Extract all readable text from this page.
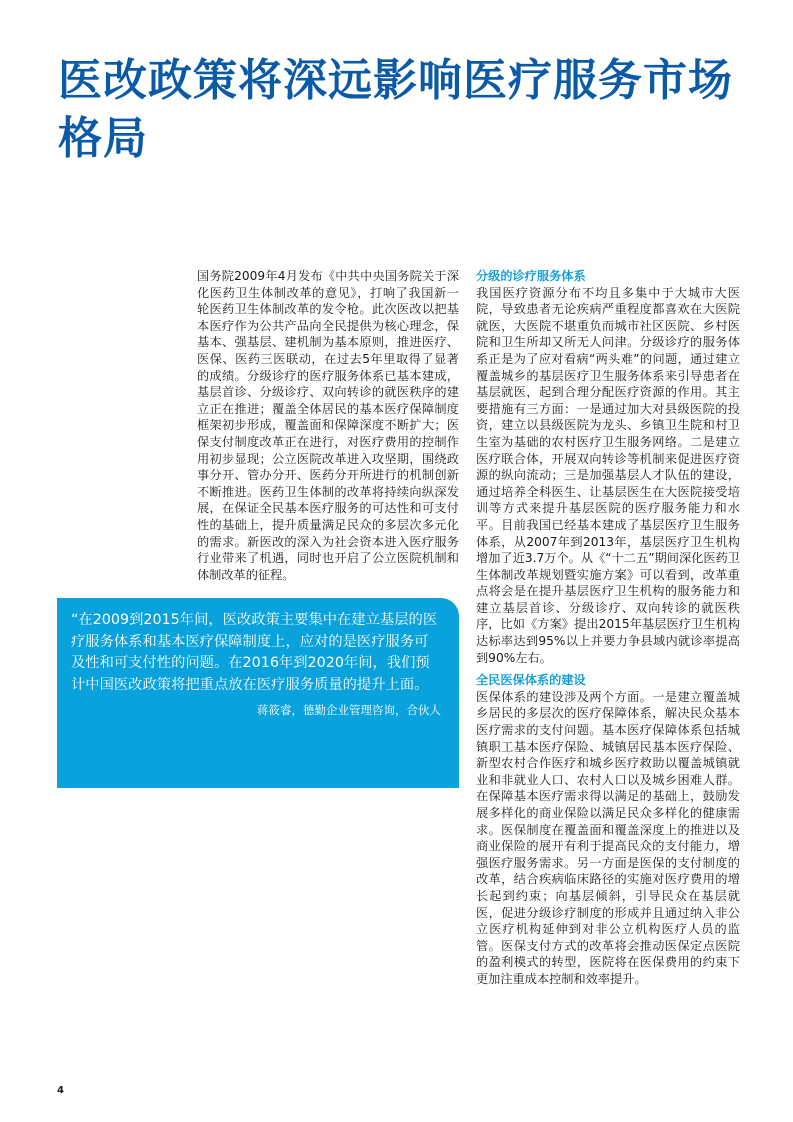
医改政策将深远影响医疗服务市场格局

国务院2009年4月发布《中共中央国务院关于深化医药卫生体制改革的意见》，打响了我国新一轮医药卫生体制改革的发令枪。此次医改以把基本医疗作为公共产品向全民提供为核心理念，保基本、强基层、建机制为基本原则，推进医疗、医保、医药三医联动，在过去5年里取得了显著的成绩。分级诊疗的医疗服务体系已基本建成，基层首诊、分级诊疗、双向转诊的就医秩序的建立正在推进；覆盖全体居民的基本医疗保障制度框架初步形成，覆盖面和保障深度不断扩大；医保支付制度改革正在进行，对医疗费用的控制作用初步显现；公立医院改革进入攻坚期，围绕政事分开、管办分开、医药分开所进行的机制创新不断推进。医药卫生体制的改革将持续向纵深发展，在保证全民基本医疗服务的可达性和可支付性的基础上，提升质量满足民众的多层次多元化的需求。新医改的深入为社会资本进入医疗服务行业带来了机遇，同时也开启了公立医院机制和体制改革的征程。

“在2009到2015年间，医改政策主要集中在建立基层的医疗服务体系和基本医疗保障制度上，应对的是医疗服务可及性和可支付性的问题。在2016年到2020年间，我们预计中国医改政策将把重点放在医疗服务质量的提升上面。

蒋筱睿，德勤企业管理咨询，合伙人
分级的诊疗服务体系

我国医疗资源分布不均且多集中于大城市大医院，导致患者无论疾病严重程度都喜欢在大医院就医，大医院不堪重负而城市社区医院、乡村医院和卫生所却又所无人问津。分级诊疗的服务体系正是为了应对看病“两头难”的问题，通过建立覆盖城乡的基层医疗卫生服务体系来引导患者在基层就医，起到合理分配医疗资源的作用。其主要措施有三方面：一是通过加大对县级医院的投资，建立以县级医院为龙头、乡镇卫生院和村卫生室为基础的农村医疗卫生服务网络。二是建立医疗联合体，开展双向转诊等机制来促进医疗资源的纵向流动；三是加强基层人才队伍的建设，通过培养全科医生、让基层医生在大医院接受培训等方式来提升基层医院的医疗服务能力和水平。目前我国已经基本建成了基层医疗卫生服务体系，从2007年到2013年，基层医疗卫生机构增加了近3.7万个。从《“十二五”期间深化医药卫生体制改革规划暨实施方案》可以看到，改革重点将会是在提升基层医疗卫生机构的服务能力和建立基层首诊、分级诊疗、双向转诊的就医秩序，比如《方案》提出2015年基层医疗卫生机构达标率达到95%以上并要力争县域内就诊率提高到90%左右。

全民医保体系的建设

医保体系的建设涉及两个方面。一是建立覆盖城乡居民的多层次的医疗保障体系，解决民众基本医疗需求的支付问题。基本医疗保障体系包括城镇职工基本医疗保险、城镇居民基本医疗保险、新型农村合作医疗和城乡医疗救助以覆盖城镇就业和非就业人口、农村人口以及城乡困难人群。在保障基本医疗需求得以满足的基础上，鼓励发展多样化的商业保险以满足民众多样化的健康需求。医保制度在覆盖面和覆盖深度上的推进以及商业保险的展开有利于提高民众的支付能力，增强医疗服务需求。另一方面是医保的支付制度的改革，结合疾病临床路径的实施对医疗费用的增长起到约束；向基层倾斜，引导民众在基层就医，促进分级诊疗制度的形成并且通过纳入非公立医疗机构延伸到对非公立机构医疗人员的监管。医保支付方式的改革将会推动医保定点医院的盈利模式的转型，医院将在医保费用的约束下更加注重成本控制和效率提升。

4
